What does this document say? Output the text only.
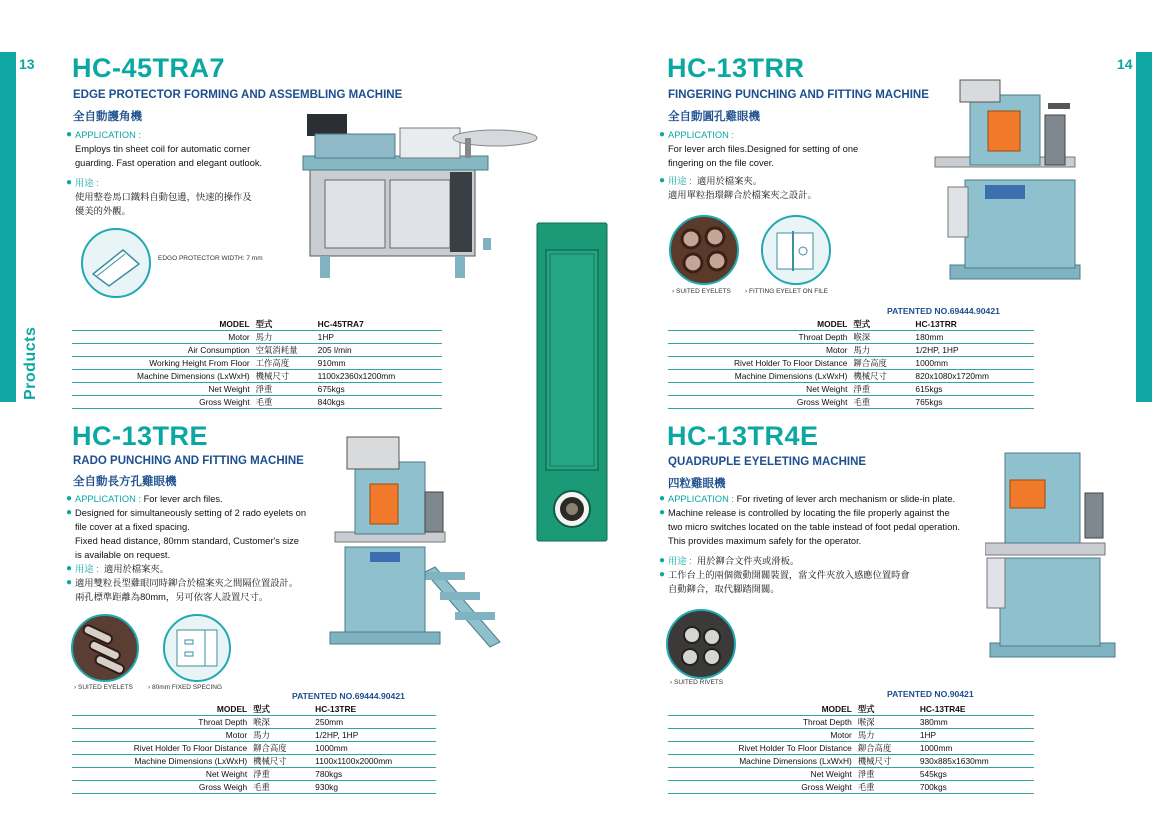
13	14
Products
HC-45TRA7
EDGE PROTECTOR FORMING AND ASSEMBLING MACHINE
全自動護角機
● APPLICATION :
Employs tin sheet coil for automatic corner
guarding. Fast operation and elegant outlook.
● 用途 :
使用整卷馬口鐵料自動包邊，快速的操作及
優美的外觀。
EDGO PROTECTOR WIDTH: 7 mm
MODEL	型式	HC-45TRA7
Motor	馬力	1HP
Air Consumption	空氣消耗量	205 l/min
Working Height From Floor	工作高度	910mm
Machine Dimensions (LxWxH)	機械尺寸	1100x2360x1200mm
Net Weight	淨重	675kgs
Gross Weight	毛重	840kgs
HC-13TRR
FINGERING PUNCHING AND FITTING MACHINE
全自動圓孔雞眼機
● APPLICATION :
For lever arch files.Designed for setting of one
fingering on the file cover.
● 用途 :
適用於檔案夾。
適用單粒指環鉚合於檔案夾之設計。
› SUITED EYELETS › FITTING EYELET ON FILE
PATENTED NO.69444.90421
MODEL	型式	HC-13TRR
Throat Depth	喉深	180mm
Motor	馬力	1/2HP, 1HP
Rivet Holder To Floor Distance	鉚合高度	1000mm
Machine Dimensions (LxWxH)	機械尺寸	820x1080x1720mm
Net Weight	淨重	615kgs
Gross Weight	毛重	765kgs
HC-13TRE
RADO PUNCHING AND FITTING MACHINE
全自動長方孔雞眼機
● APPLICATION : For lever arch files.
● Designed for simultaneously setting of 2 rado eyelets on
file cover at a fixed spacing.
Fixed head distance, 80mm standard, Customer's size
is available on request.
● 用途 : 適用於檔案夾。
● 適用雙粒長型雞眼同時鉚合於檔案夾之間隔位置設計。
兩孔標準距離為80mm，另可依客人設置尺寸。
› SUITED EYELETS › 80mm FIXED SPECING
PATENTED NO.69444.90421
MODEL	型式	HC-13TRE
Throat Depth	喉深	250mm
Motor	馬力	1/2HP, 1HP
Rivet Holder To Floor Distance	鉚合高度	1000mm
Machine Dimensions (LxWxH)	機械尺寸	1100x1100x2000mm
Net Weight	淨重	780kgs
Gross Weigh	毛重	930kg
HC-13TR4E
QUADRUPLE EYELETING MACHINE
四粒雞眼機
● APPLICATION : For riveting of lever arch mechanism or slide-in plate.
● Machine release is controlled by locating the file properly against the
two micro switches located on the table instead of foot pedal operation.
This provides maximum safely for the operator.
● 用途 : 用於鉚合文件夾或滑板。
● 工作台上的兩個微動開關裝置，當文件夾放入感應位置時會
自動鉚合，取代腳踏開關。
› SUITED RIVETS
PATENTED NO.90421
MODEL	型式	HC-13TR4E
Throat Depth	喉深	380mm
Motor	馬力	1HP
Rivet Holder To Floor Distance	鉚合高度	1000mm
Machine Dimensions (LxWxH)	機械尺寸	930x885x1630mm
Net Weight	淨重	545kgs
Gross Weight	毛重	700kgs
